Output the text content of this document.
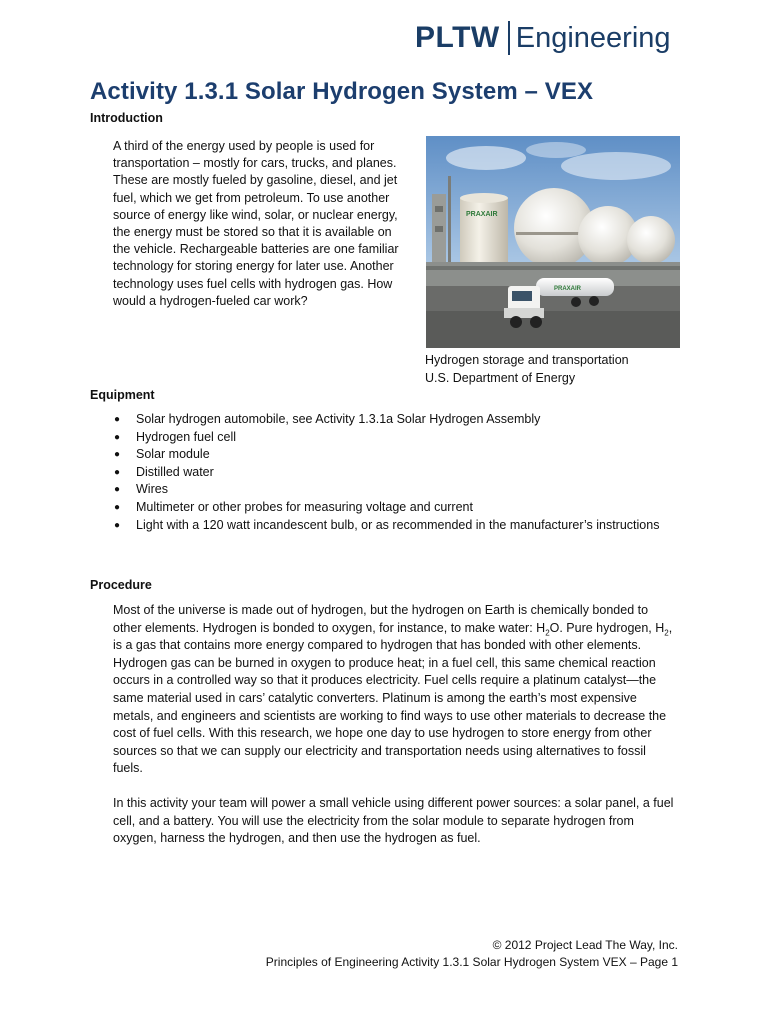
PLTW Engineering
Activity 1.3.1 Solar Hydrogen System – VEX
Introduction

A third of the energy used by people is used for transportation – mostly for cars, trucks, and planes. These are mostly fueled by gasoline, diesel, and jet fuel, which we get from petroleum. To use another source of energy like wind, solar, or nuclear energy, the energy must be stored so that it is available on the vehicle. Rechargeable batteries are one familiar technology for storing energy for later use. Another technology uses fuel cells with hydrogen gas. How would a hydrogen-fueled car work?

PRAXAIR
PRAXAIR
Hydrogen storage and transportation
U.S. Department of Energy
Equipment
● Solar hydrogen automobile, see Activity 1.3.1a Solar Hydrogen Assembly
● Hydrogen fuel cell
● Solar module
● Distilled water
● Wires
● Multimeter or other probes for measuring voltage and current
● Light with a 120 watt incandescent bulb, or as recommended in the manufacturer’s instructions
Procedure

Most of the universe is made out of hydrogen, but the hydrogen on Earth is chemically bonded to other elements. Hydrogen is bonded to oxygen, for instance, to make water: $H_2O$. Pure hydrogen, $H_2$, is a gas that contains more energy compared to hydrogen that has bonded with other elements. Hydrogen gas can be burned in oxygen to produce heat; in a fuel cell, this same chemical reaction occurs in a controlled way so that it produces electricity. Fuel cells require a platinum catalyst—the same material used in cars’ catalytic converters. Platinum is among the earth’s most expensive metals, and engineers and scientists are working to find ways to use other materials to decrease the cost of fuel cells. With this research, we hope one day to use hydrogen to store energy from other sources so that we can supply our electricity and transportation needs using alternatives to fossil fuels.

In this activity your team will power a small vehicle using different power sources: a solar panel, a fuel cell, and a battery. You will use the electricity from the solar module to separate hydrogen from oxygen, harness the hydrogen, and then use the hydrogen as fuel.

© 2012 Project Lead The Way, Inc.
Principles of Engineering Activity 1.3.1 Solar Hydrogen System VEX – Page 1
